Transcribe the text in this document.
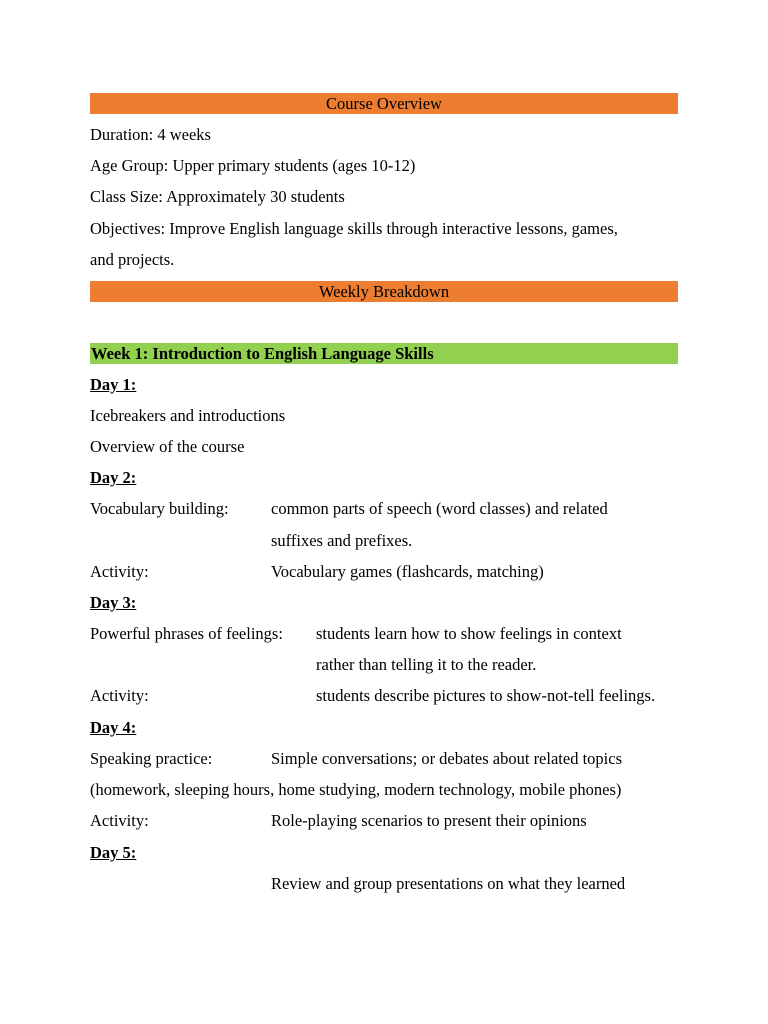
Course Overview
Duration: 4 weeks
Age Group: Upper primary students (ages 10-12)
Class Size: Approximately 30 students
Objectives: Improve English language skills through interactive lessons, games,
and projects.
Weekly Breakdown
Week 1: Introduction to English Language Skills
Day 1:
Icebreakers and introductions
Overview of the course
Day 2:
Vocabulary building:	common parts of speech (word classes) and related
suffixes and prefixes.
Activity:	Vocabulary games (flashcards, matching)
Day 3:
Powerful phrases of feelings: students learn how to show feelings in context
rather than telling it to the reader.
Activity:	students describe pictures to show-not-tell feelings.
Day 4:
Speaking practice:	Simple conversations; or debates about related topics
(homework, sleeping hours, home studying, modern technology, mobile phones)
Activity:	Role-playing scenarios to present their opinions
Day 5:
Review and group presentations on what they learned
